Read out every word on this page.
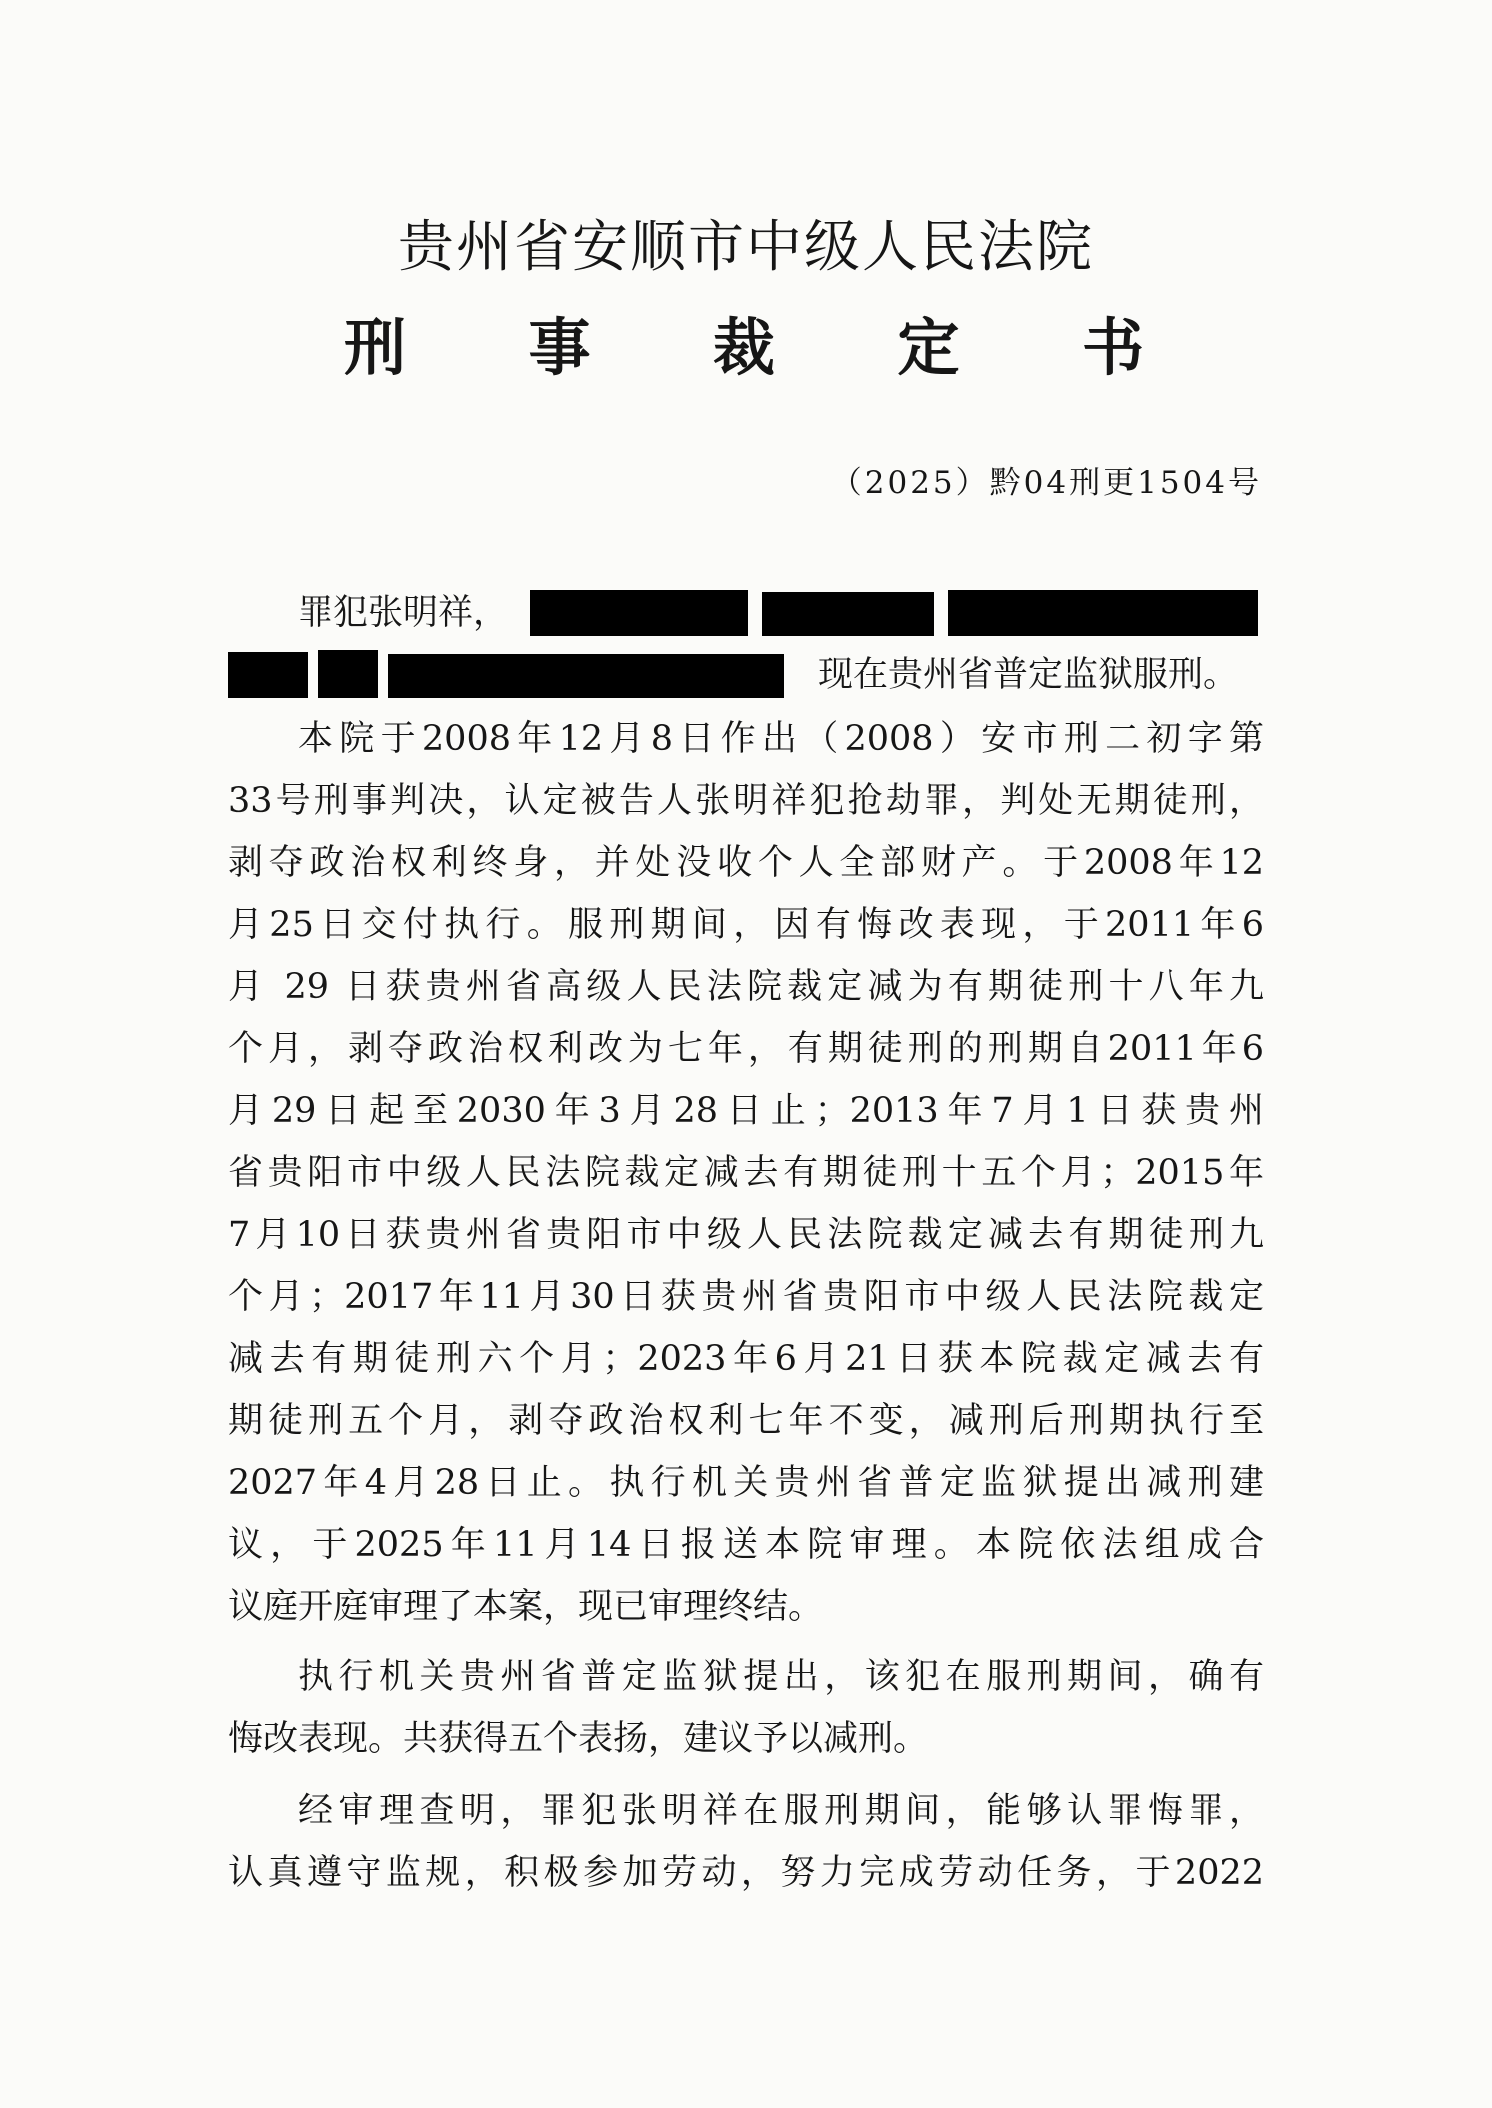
贵州省安顺市中级人民法院
刑 事 裁 定 书
（2025）黔04刑更1504号
罪犯张明祥，
现在贵州省普定监狱服刑。
本院于2008年12月8日作出（2008）安市刑二初字第
33号刑事判决，认定被告人张明祥犯抢劫罪，判处无期徒刑，
剥夺政治权利终身，并处没收个人全部财产。于2008年12
月25日交付执行。服刑期间，因有悔改表现，于2011年6
月 29 日获贵州省高级人民法院裁定减为有期徒刑十八年九
个月，剥夺政治权利改为七年，有期徒刑的刑期自2011年6
月29日起至2030年3月28日止；2013年7月1日获贵州
省贵阳市中级人民法院裁定减去有期徒刑十五个月；2015年
7月10日获贵州省贵阳市中级人民法院裁定减去有期徒刑九
个月；2017年11月30日获贵州省贵阳市中级人民法院裁定
减去有期徒刑六个月；2023年6月21日获本院裁定减去有
期徒刑五个月，剥夺政治权利七年不变，减刑后刑期执行至
2027年4月28日止。执行机关贵州省普定监狱提出减刑建
议，于2025年11月14日报送本院审理。本院依法组成合
议庭开庭审理了本案，现已审理终结。
执行机关贵州省普定监狱提出，该犯在服刑期间，确有
悔改表现。共获得五个表扬，建议予以减刑。
经审理查明，罪犯张明祥在服刑期间，能够认罪悔罪，
认真遵守监规，积极参加劳动，努力完成劳动任务，于2022
